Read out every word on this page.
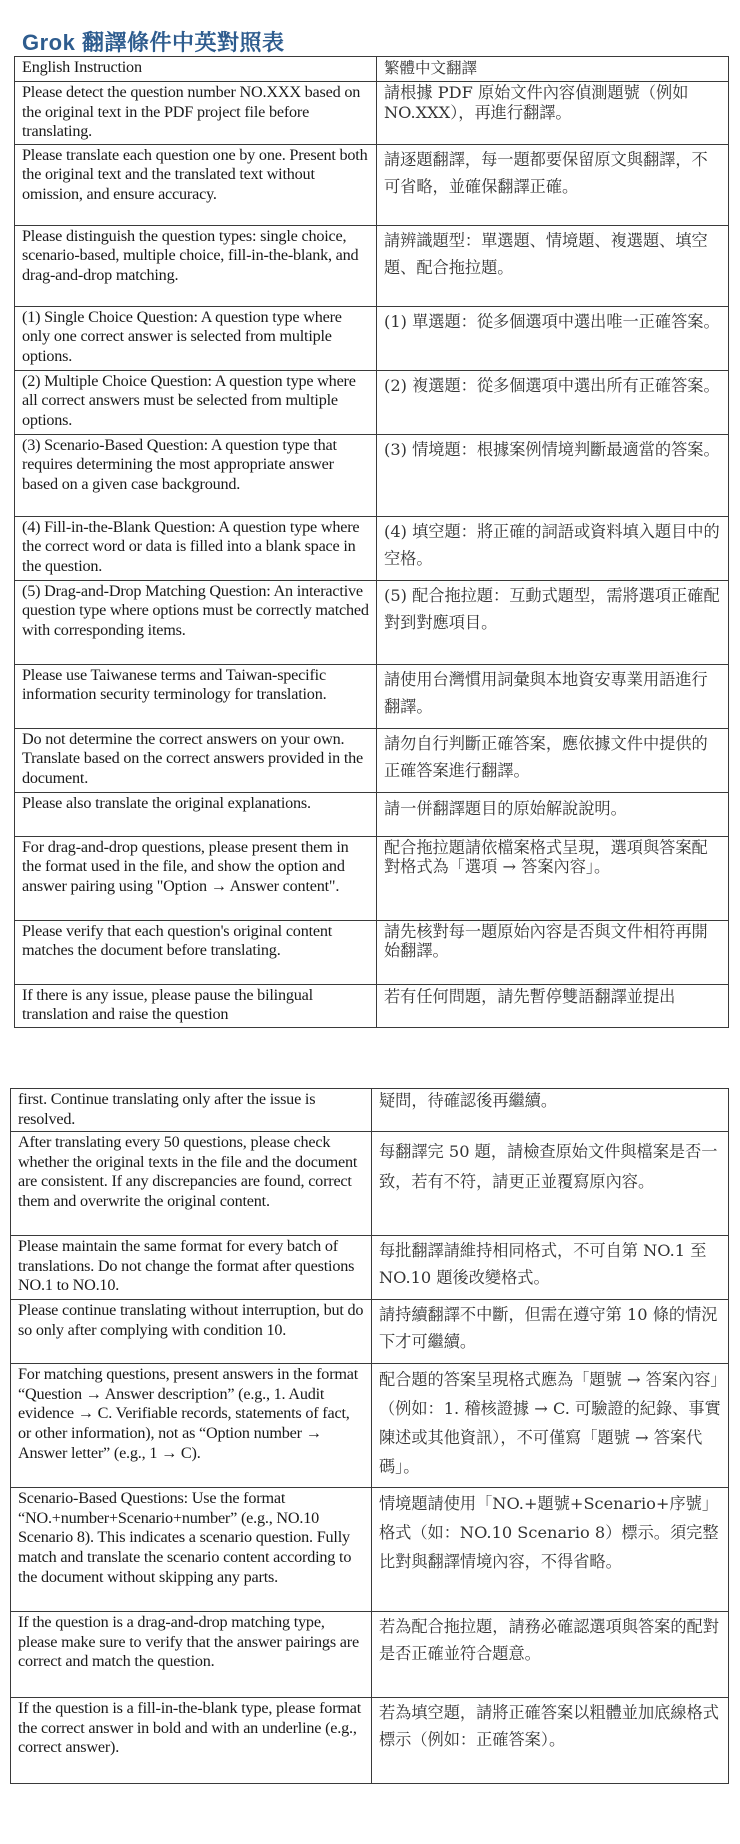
Grok 翻譯條件中英對照表
English Instruction	繁體中文翻譯
Please detect the question number NO.XXX based on the original text in the PDF project file before translating.	請根據 PDF 原始文件內容偵測題號（例如 NO.XXX），再進行翻譯。
Please translate each question one by one. Present both the original text and the translated text without omission, and ensure accuracy.	請逐題翻譯，每一題都要保留原文與翻譯，不可省略，並確保翻譯正確。
Please distinguish the question types: single choice, scenario-based, multiple choice, fill-in-the-blank, and drag-and-drop matching.	請辨識題型：單選題、情境題、複選題、填空題、配合拖拉題。
(1) Single Choice Question: A question type where only one correct answer is selected from multiple options.	(1) 單選題：從多個選項中選出唯一正確答案。
(2) Multiple Choice Question: A question type where all correct answers must be selected from multiple options.	(2) 複選題：從多個選項中選出所有正確答案。
(3) Scenario-Based Question: A question type that requires determining the most appropriate answer based on a given case background.	(3) 情境題：根據案例情境判斷最適當的答案。
(4) Fill-in-the-Blank Question: A question type where the correct word or data is filled into a blank space in the question.	(4) 填空題：將正確的詞語或資料填入題目中的空格。
(5) Drag-and-Drop Matching Question: An interactive question type where options must be correctly matched with corresponding items.	(5) 配合拖拉題：互動式題型，需將選項正確配對到對應項目。
Please use Taiwanese terms and Taiwan-specific information security terminology for translation.	請使用台灣慣用詞彙與本地資安專業用語進行翻譯。
Do not determine the correct answers on your own. Translate based on the correct answers provided in the document.	請勿自行判斷正確答案，應依據文件中提供的正確答案進行翻譯。
Please also translate the original explanations.	請一併翻譯題目的原始解說說明。
For drag-and-drop questions, please present them in the format used in the file, and show the option and answer pairing using "Option → Answer content".	配合拖拉題請依檔案格式呈現，選項與答案配對格式為「選項 → 答案內容」。
Please verify that each question's original content matches the document before translating.	請先核對每一題原始內容是否與文件相符再開始翻譯。
If there is any issue, please pause the bilingual translation and raise the question	若有任何問題，請先暫停雙語翻譯並提出
first. Continue translating only after the issue is resolved.	疑問，待確認後再繼續。
After translating every 50 questions, please check whether the original texts in the file and the document are consistent. If any discrepancies are found, correct them and overwrite the original content.	每翻譯完 50 題，請檢查原始文件與檔案是否一致，若有不符，請更正並覆寫原內容。
Please maintain the same format for every batch of translations. Do not change the format after questions NO.1 to NO.10.	每批翻譯請維持相同格式，不可自第 NO.1 至 NO.10 題後改變格式。
Please continue translating without interruption, but do so only after complying with condition 10.	請持續翻譯不中斷，但需在遵守第 10 條的情況下才可繼續。
For matching questions, present answers in the format “Question → Answer description” (e.g., 1. Audit evidence → C. Verifiable records, statements of fact, or other information), not as “Option number → Answer letter” (e.g., 1 → C).	配合題的答案呈現格式應為「題號 → 答案內容」（例如：1. 稽核證據 → C. 可驗證的紀錄、事實陳述或其他資訊），不可僅寫「題號 → 答案代碼」。
Scenario-Based Questions: Use the format “NO.+number+Scenario+number” (e.g., NO.10 Scenario 8). This indicates a scenario question. Fully match and translate the scenario content according to the document without skipping any parts.	情境題請使用「NO.+題號+Scenario+序號」格式（如：NO.10 Scenario 8）標示。須完整比對與翻譯情境內容，不得省略。
If the question is a drag-and-drop matching type, please make sure to verify that the answer pairings are correct and match the question.	若為配合拖拉題，請務必確認選項與答案的配對是否正確並符合題意。
If the question is a fill-in-the-blank type, please format the correct answer in bold and with an underline (e.g., correct answer).	若為填空題，請將正確答案以粗體並加底線格式標示（例如：正確答案）。
